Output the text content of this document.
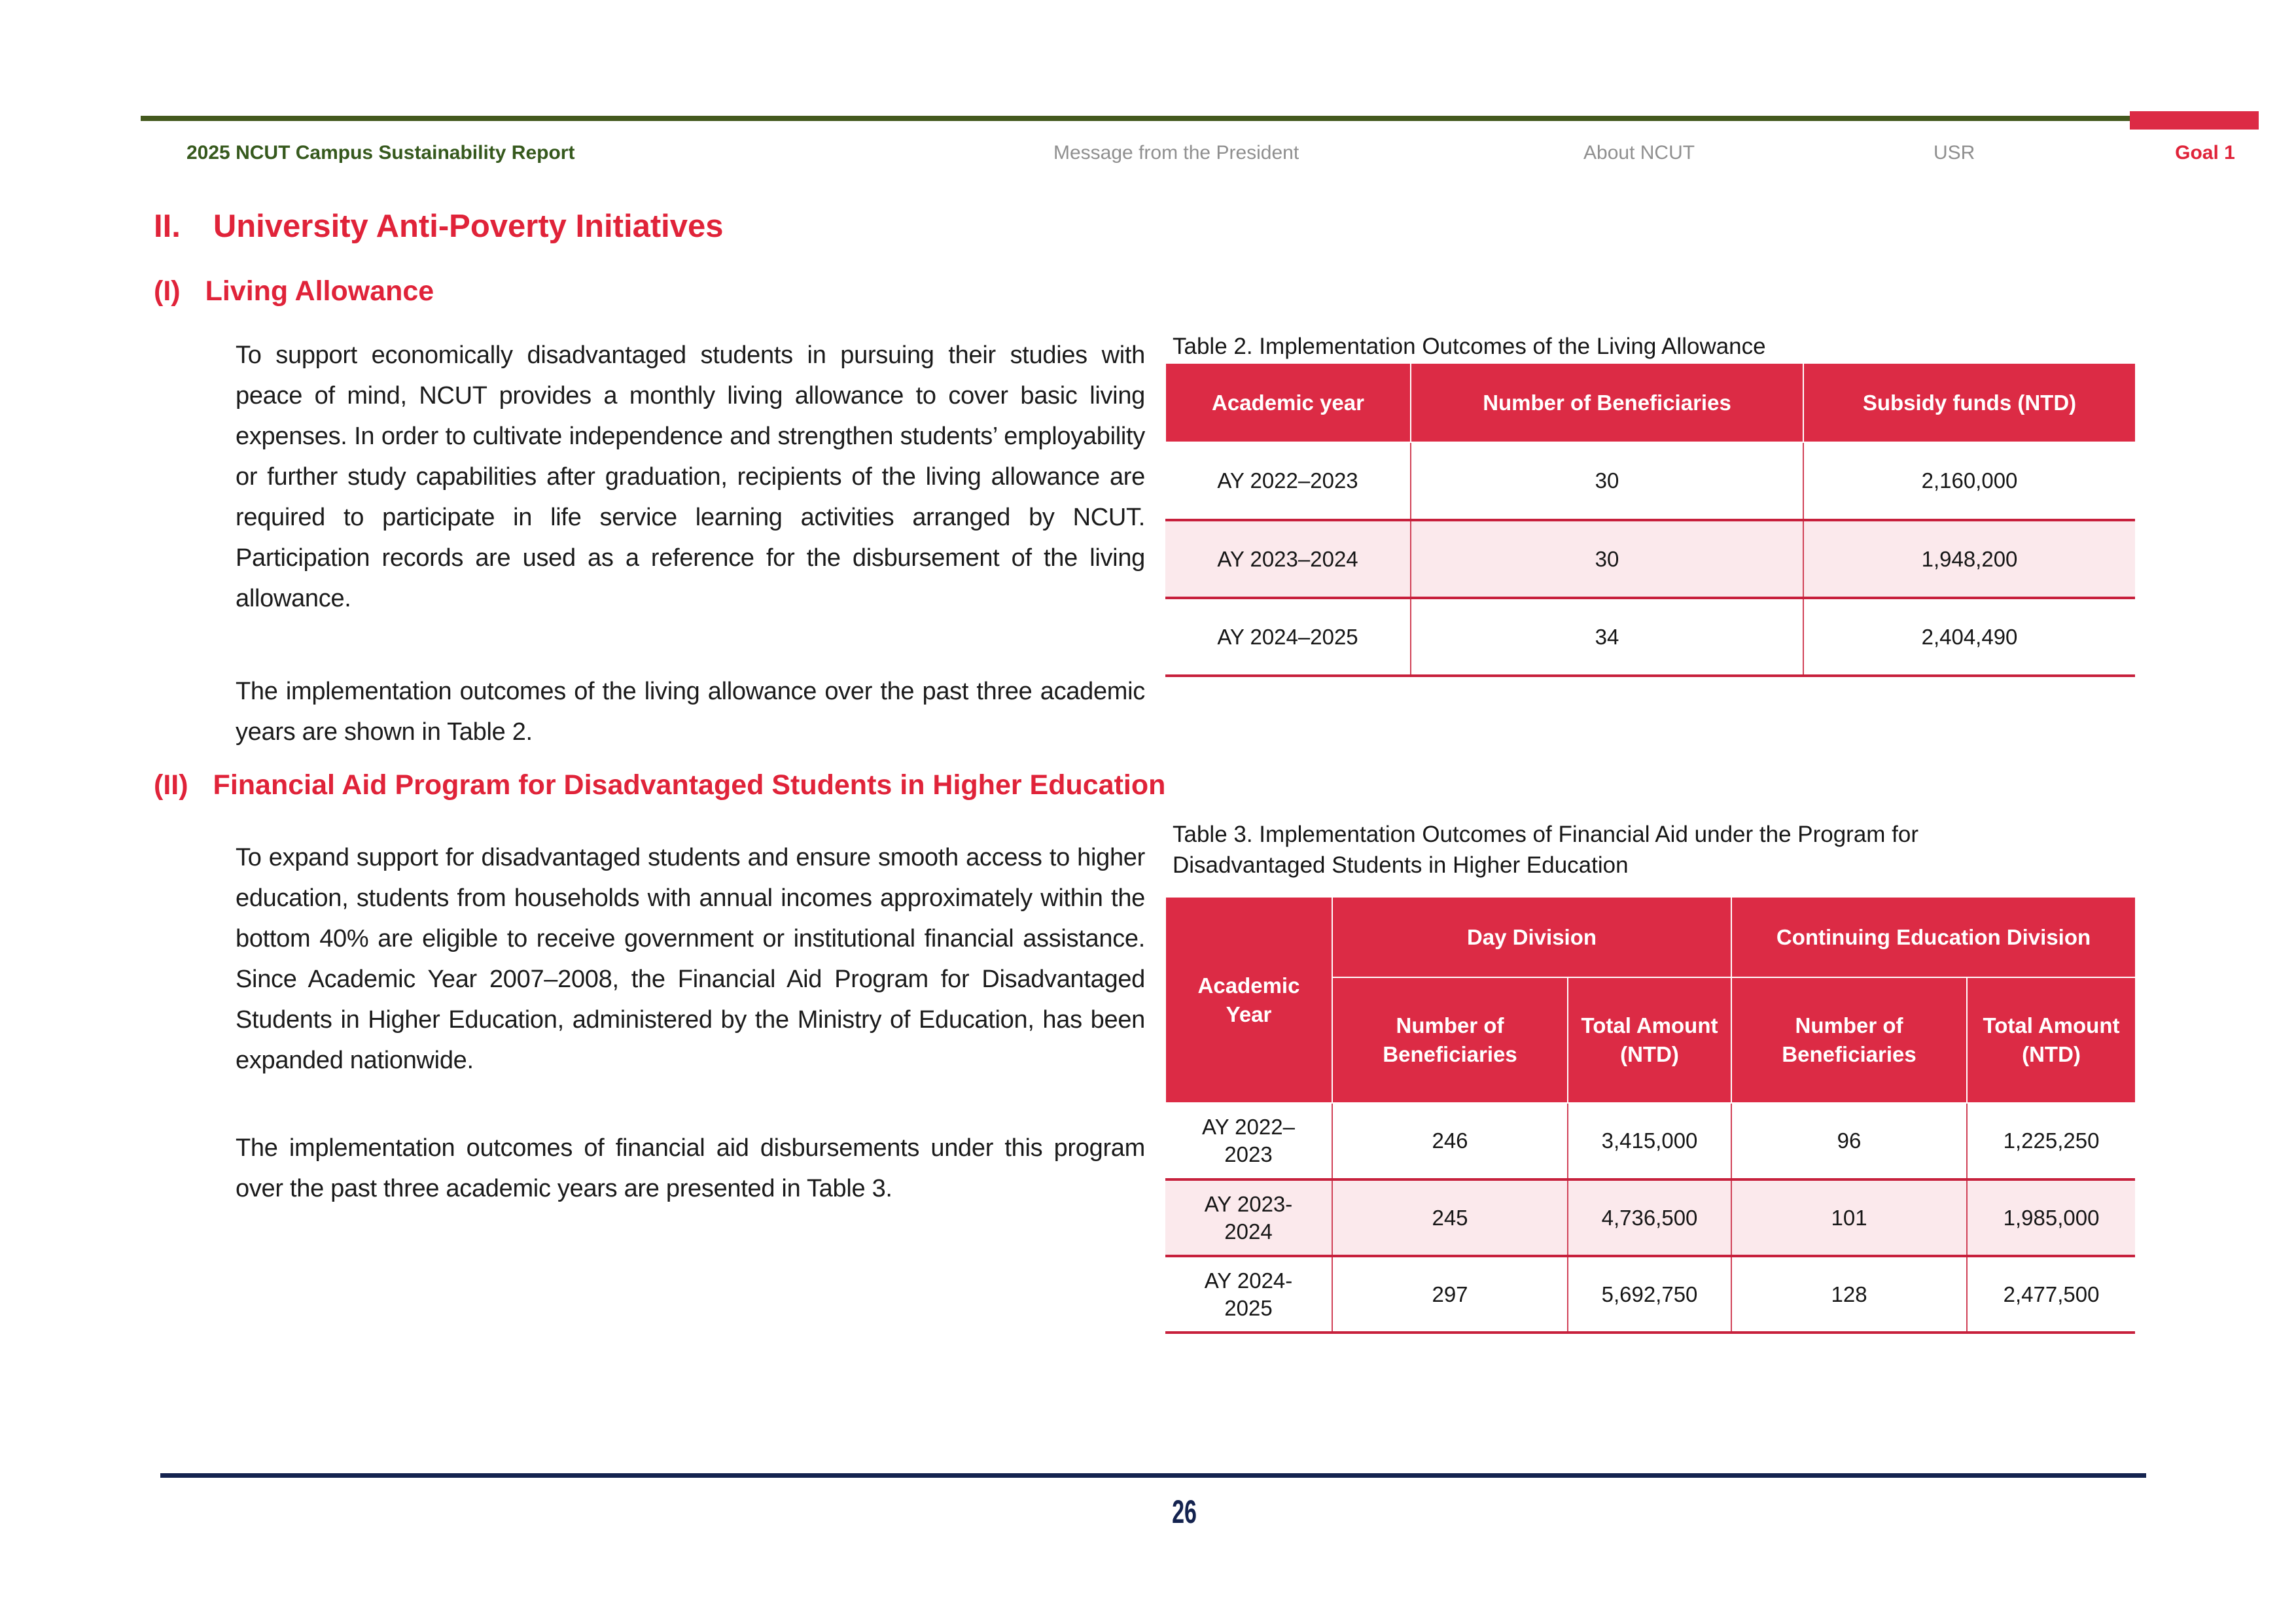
2025 NCUT Campus Sustainability Report	Message from the President	About NCUT	USR	Goal 1
II. University Anti-Poverty Initiatives
(I) Living Allowance

To support economically disadvantaged students in pursuing their studies with peace of mind, NCUT provides a monthly living allowance to cover basic living expenses. In order to cultivate independence and strengthen students’ employability or further study capabilities after graduation, recipients of the living allowance are required to participate in life service learning activities arranged by NCUT. Participation records are used as a reference for the disbursement of the living allowance.

The implementation outcomes of the living allowance over the past three academic years are shown in Table 2.

Table 2. Implementation Outcomes of the Living Allowance
Academic year	Number of Beneficiaries	Subsidy funds (NTD)
AY 2022–2023	30	2,160,000
AY 2023–2024	30	1,948,200
AY 2024–2025	34	2,404,490
(II) Financial Aid Program for Disadvantaged Students in Higher Education

To expand support for disadvantaged students and ensure smooth access to higher education, students from households with annual incomes approximately within the bottom 40% are eligible to receive government or institutional financial assistance. Since Academic Year 2007–2008, the Financial Aid Program for Disadvantaged Students in Higher Education, administered by the Ministry of Education, has been expanded nationwide.

The implementation outcomes of financial aid disbursements under this program over the past three academic years are presented in Table 3.

Table 3. Implementation Outcomes of Financial Aid under the Program for Disadvantaged Students in Higher Education
Academic Year	Day Division		Continuing Education Division	
	Number of Beneficiaries	Total Amount (NTD)	Number of Beneficiaries	Total Amount (NTD)
AY 2022–2023	246	3,415,000	96	1,225,250
AY 2023-2024	245	4,736,500	101	1,985,000
AY 2024-2025	297	5,692,750	128	2,477,500
26
